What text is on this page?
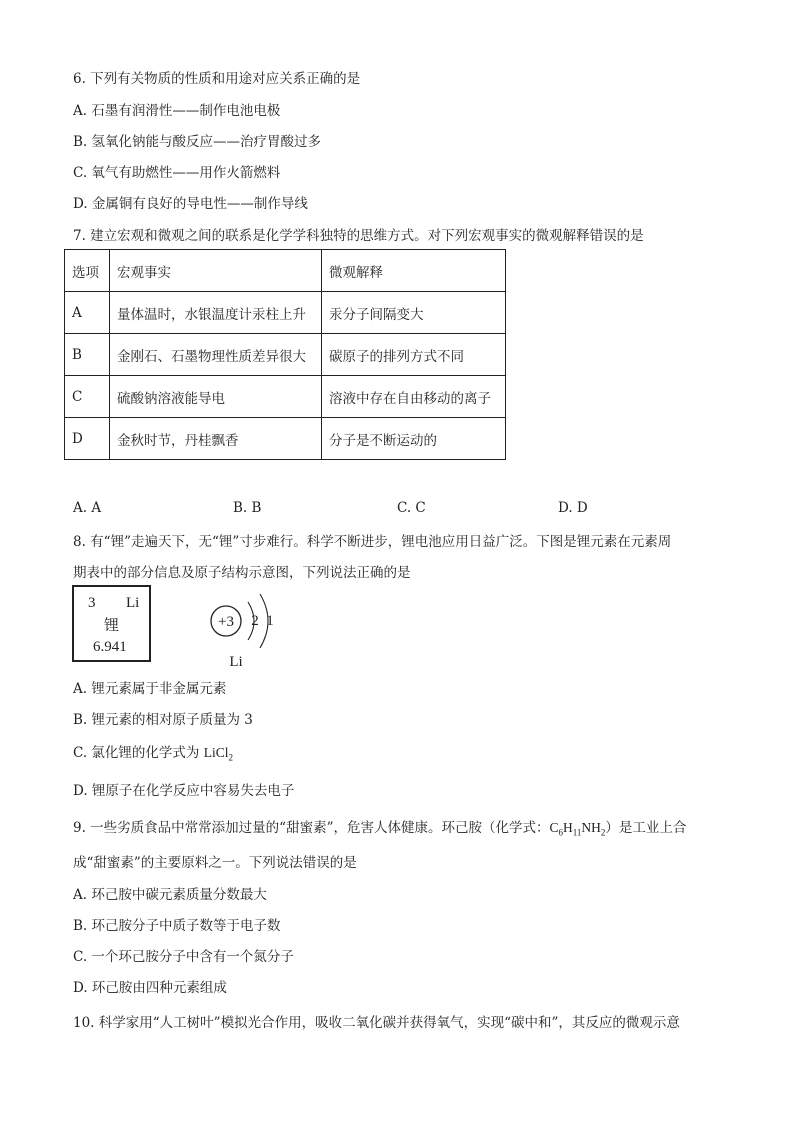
6. 下列有关物质的性质和用途对应关系正确的是
A. 石墨有润滑性——制作电池电极
B. 氢氧化钠能与酸反应——治疗胃酸过多
C. 氧气有助燃性——用作火箭燃料
D. 金属铜有良好的导电性——制作导线
7. 建立宏观和微观之间的联系是化学学科独特的思维方式。对下列宏观事实的微观解释错误的是
选项	宏观事实	微观解释
A	量体温时，水银温度计汞柱上升	汞分子间隔变大
B	金刚石、石墨物理性质差异很大	碳原子的排列方式不同
C	硫酸钠溶液能导电	溶液中存在自由移动的离子
D	金秋时节，丹桂飘香	分子是不断运动的
A. A	B. B	C. C	D. D
8. 有“锂”走遍天下，无“锂”寸步难行。科学不断进步，锂电池应用日益广泛。下图是锂元素在元素周
期表中的部分信息及原子结构示意图，下列说法正确的是
3 Li
锂
6.941
+3 2 1
Li
A. 锂元素属于非金属元素
B. 锂元素的相对原子质量为 3
C. 氯化锂的化学式为 LiCl$_2$
D. 锂原子在化学反应中容易失去电子
9. 一些劣质食品中常常添加过量的“甜蜜素”，危害人体健康。环己胺（化学式：$C_6H_{11}NH_2$）是工业上合
成“甜蜜素”的主要原料之一。下列说法错误的是
A. 环己胺中碳元素质量分数最大
B. 环己胺分子中质子数等于电子数
C. 一个环己胺分子中含有一个氮分子
D. 环己胺由四种元素组成
10. 科学家用“人工树叶”模拟光合作用，吸收二氧化碳并获得氧气，实现“碳中和”，其反应的微观示意
